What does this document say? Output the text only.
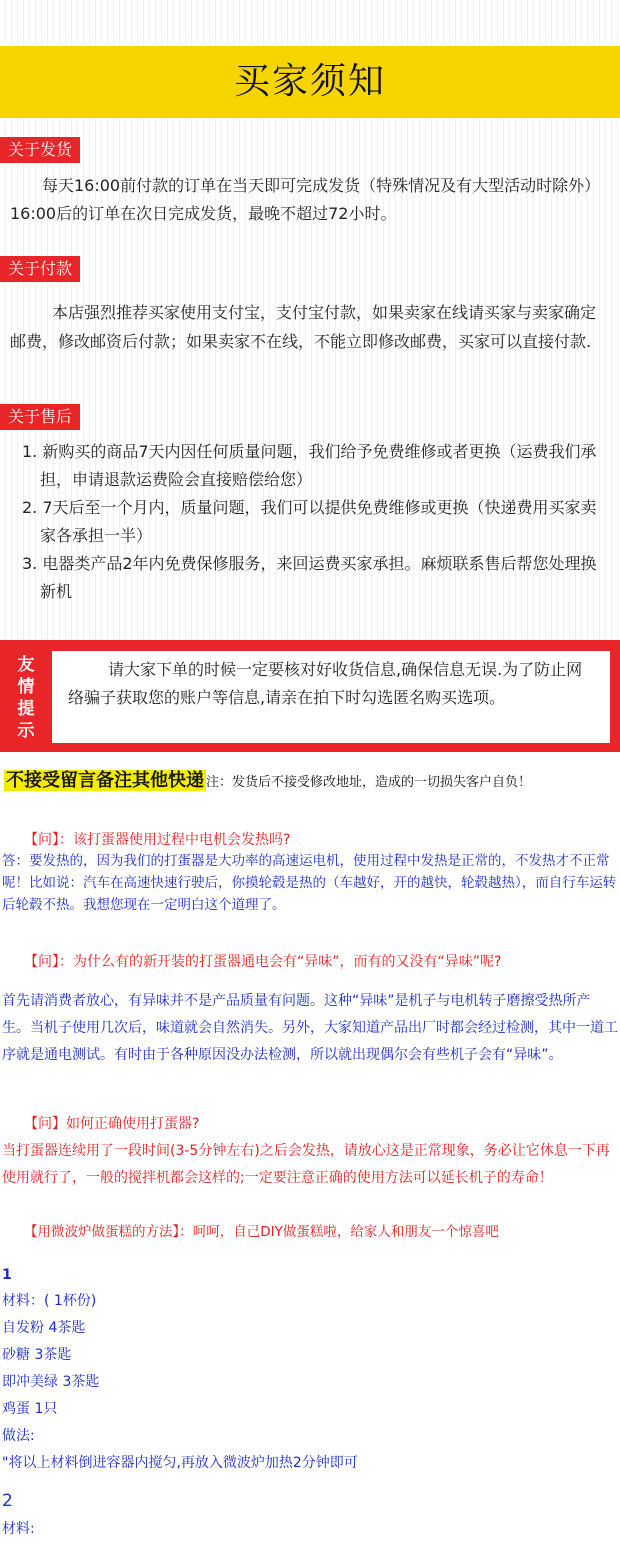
买家须知
关于发货
每天16:00前付款的订单在当天即可完成发货（特殊情况及有大型活动时除外）16:00后的订单在次日完成发货，最晚不超过72小时。
关于付款
本店强烈推荐买家使用支付宝，支付宝付款，如果卖家在线请买家与卖家确定邮费，修改邮资后付款；如果卖家不在线，不能立即修改邮费，买家可以直接付款.
关于售后
1. 新购买的商品7天内因任何质量问题，我们给予免费维修或者更换（运费我们承担，申请退款运费险会直接赔偿给您）
2. 7天后至一个月内，质量问题，我们可以提供免费维修或更换（快递费用买家卖家各承担一半）
3. 电器类产品2年内免费保修服务，来回运费买家承担。麻烦联系售后帮您处理换新机
友
情
提
示
请大家下单的时候一定要核对好收货信息,确保信息无误.为了防止网络骗子获取您的账户等信息,请亲在拍下时勾选匿名购买选项。
不接受留言备注其他快递 注：发货后不接受修改地址，造成的一切损失客户自负！
【问】：该打蛋器使用过程中电机会发热吗?
答：要发热的，因为我们的打蛋器是大功率的高速运电机，使用过程中发热是正常的，不发热才不正常呢！比如说：汽车在高速快速行驶后，你摸轮毂是热的（车越好，开的越快，轮毂越热），而自行车运转后轮毂不热。我想您现在一定明白这个道理了。
【问】：为什么有的新开装的打蛋器通电会有“异味”，而有的又没有“异味”呢?
首先请消费者放心，有异味并不是产品质量有问题。这种“异味”是机子与电机转子磨擦受热所产生。当机子使用几次后，味道就会自然消失。另外，大家知道产品出厂时都会经过检测，其中一道工序就是通电测试。有时由于各种原因没办法检测，所以就出现偶尔会有些机子会有“异味”。
【问】如何正确使用打蛋器?
当打蛋器连续用了一段时间(3-5分钟左右)之后会发热，请放心这是正常现象，务必让它休息一下再使用就行了，一般的搅拌机都会这样的;一定要注意正确的使用方法可以延长机子的寿命！
【用微波炉做蛋糕的方法】：呵呵，自己DIY做蛋糕啦，给家人和朋友一个惊喜吧
1
材料：( 1杯份)
自发粉 4茶匙
砂糖 3茶匙
即冲美绿 3茶匙
鸡蛋 1只
做法:
"将以上材料倒进容器内搅匀,再放入微波炉加热2分钟即可
2
材料:
